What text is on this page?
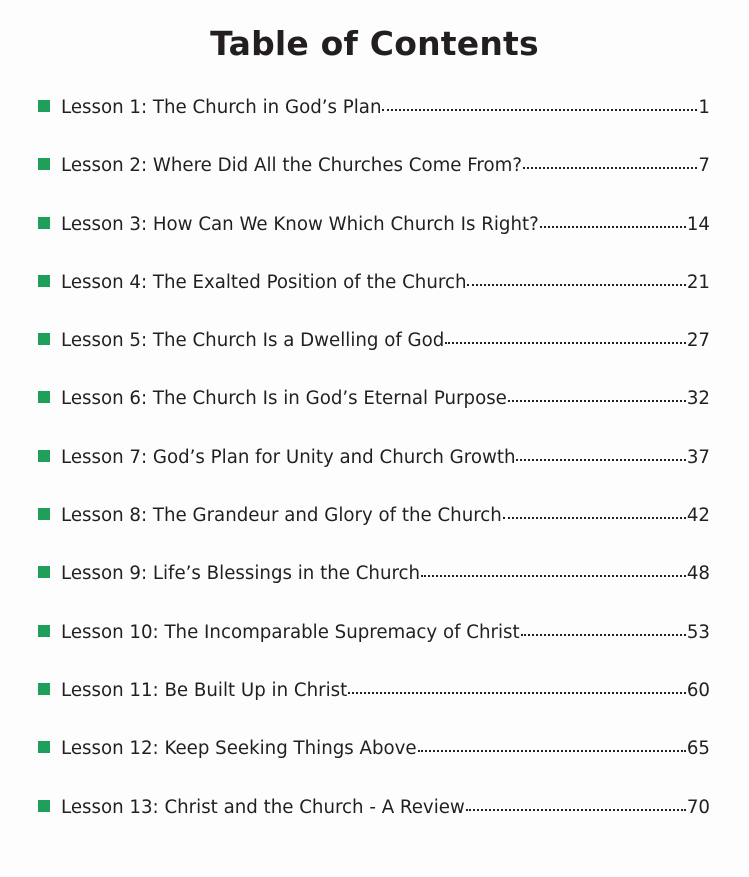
Table of Contents
Lesson 1: The Church in God’s Plan	1
Lesson 2: Where Did All the Churches Come From?	7
Lesson 3: How Can We Know Which Church Is Right?	14
Lesson 4: The Exalted Position of the Church	21
Lesson 5: The Church Is a Dwelling of God	27
Lesson 6: The Church Is in God’s Eternal Purpose	32
Lesson 7: God’s Plan for Unity and Church Growth	37
Lesson 8: The Grandeur and Glory of the Church	42
Lesson 9: Life’s Blessings in the Church	48
Lesson 10: The Incomparable Supremacy of Christ	53
Lesson 11: Be Built Up in Christ	60
Lesson 12: Keep Seeking Things Above	65
Lesson 13: Christ and the Church - A Review	70
